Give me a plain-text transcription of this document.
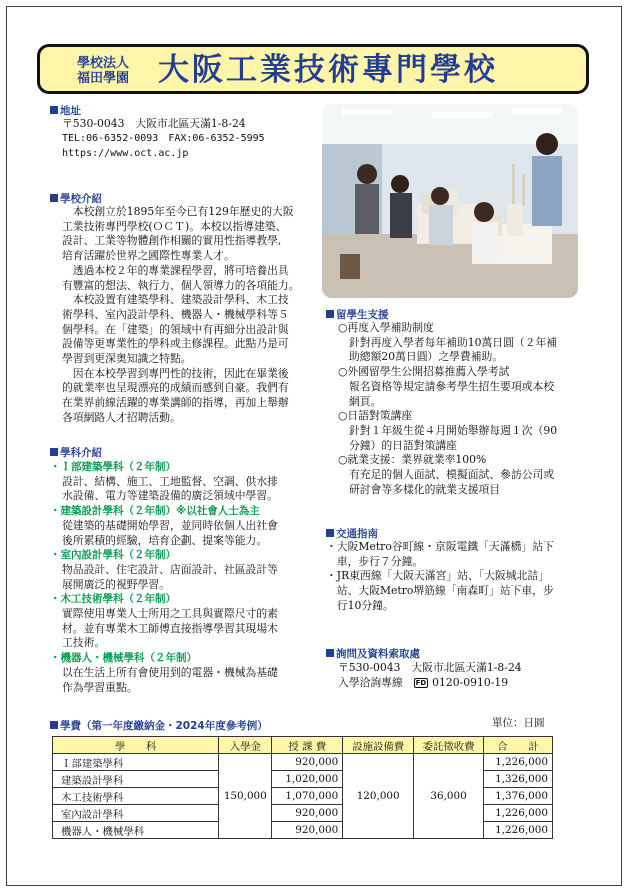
學校法人
福田學園 大阪工業技術專門學校
地址
〒530-0043　大阪市北區天滿1-8-24
TEL:06-6352-0093　FAX:06-6352-5995
https://www.oct.ac.jp
學校介紹
　本校創立於1895年至今已有129年歷史的大阪
工業技術專門學校(ＯＣＴ)。本校以指導建築、
設計、工業等物體創作相關的實用性指導教學,
培育活躍於世界之國際性專業人才。
　透過本校２年的專業課程學習，將可培養出具
有豐富的想法、執行力、個人領導力的各項能力。
　本校設置有建築學科、建築設計學科、木工技
術學科、室內設計學科、機器人・機械學科等５
個學科。在「建築」的領域中有再細分出設計與
設備等更專業性的學科或主修課程。此點乃是可
學習到更深奥知識之特點。
　因在本校學習到專門性的技術，因此在畢業後
的就業率也呈現漂亮的成績而感到自豪。我們有
在業界前線活躍的專業講師的指導，再加上舉辦
各項網路人才招聘活動。
學科介紹
・Ｉ部建築學科（２年制）
設計、結構、施工、工地監督、空調、供水排
水設備、電力等建築設備的廣泛領域中學習。
・建築設計學科（２年制）※以社會人士為主
從建築的基礎開始學習，並同時依個人出社會
後所累積的經驗，培育企劃、提案等能力。
・室內設計學科（２年制）
物品設計、住宅設計、店面設計、社區設計等
展開廣泛的視野學習。
・木工技術學科（２年制）
實際使用專業人士所用之工具與實際尺寸的素
材。並有專業木工師傅直接指導學習其現場木
工技術。
・機器人・機械學科（２年制）
以在生活上所有會使用到的電器・機械為基礎
作為學習重點。
留學生支援
○再度入學補助制度
針對再度入學者每年補助10萬日圓（２年補
助總額20萬日圓）之學費補助。
○外國留學生公開招募推薦入學考試
報名資格等規定請參考學生招生要項或本校
網頁。
○日語對策講座
針對１年級生從４月開始舉辦每週１次（90
分鐘）的日語對策講座
○就業支援：業界就業率100%
有充足的個人面試、模擬面試、參訪公司或
研討會等多樣化的就業支援項目
交通指南
・大阪Metro谷町線・京阪電鐵「天滿橋」站下
　車，步行７分鐘。
・JR東西線「大阪天滿宮」站、「大阪城北詰」
　站、大阪Metro堺筋線「南森町」站下車，步
　行10分鐘。
詢問及資料索取處
〒530-0043　大阪市北區天滿1-8-24
入學洽詢專線　 FD 0120-0910-19
學費（第一年度繳納金・2024年度參考例）	單位：日圓
學　　科	入學金	授 課 費	設施設備費	委託徵收費	合　　計
Ｉ部建築學科	150,000	920,000	120,000	36,000	1,226,000
建築設計學科		1,020,000			1,326,000
木工技術學科		1,070,000			1,376,000
室內設計學科		920,000			1,226,000
機器人・機械學科		920,000			1,226,000
